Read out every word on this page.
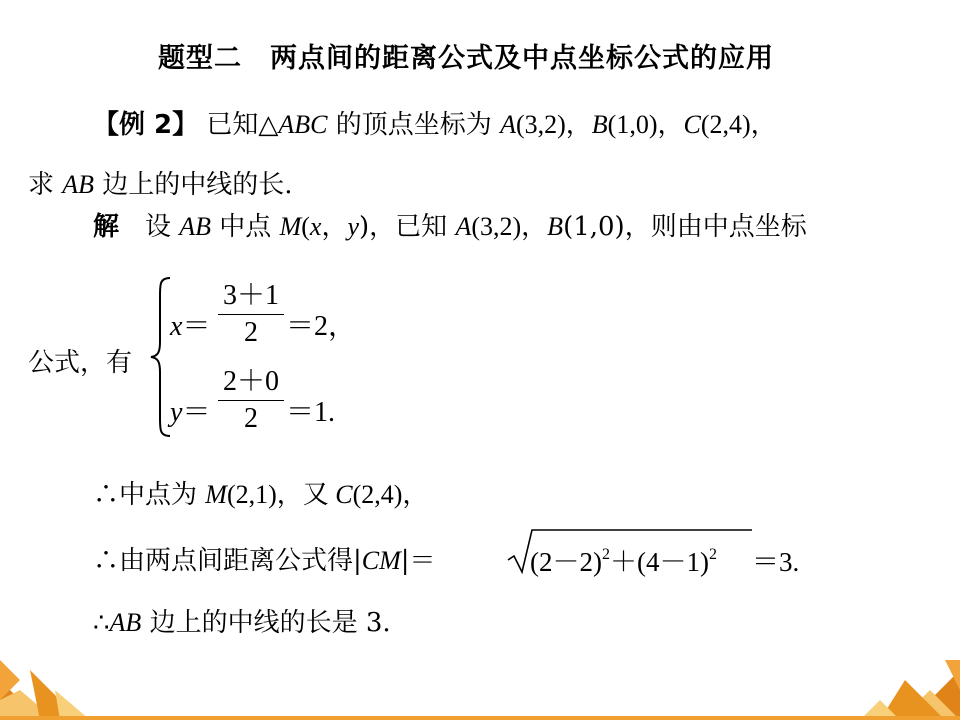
题型二　两点间的距离公式及中点坐标公式的应用
【例 2】 已知△ABC 的顶点坐标为 A(3,2)，B(1,0)，C(2,4)，
求 AB 边上的中线的长.
解 设 AB 中点 M(x，y)，已知 A(3,2)，B(1,0)，则由中点坐标
公式，有
x＝
3＋1
2	＝2，
y＝
2＋0
2	＝1.
∴中点为 M(2,1)，又 C(2,4)，
∴由两点间距离公式得|CM|＝	$(2-2)^2+(4-1)^2 =3$.
∴AB 边上的中线的长是 3.
